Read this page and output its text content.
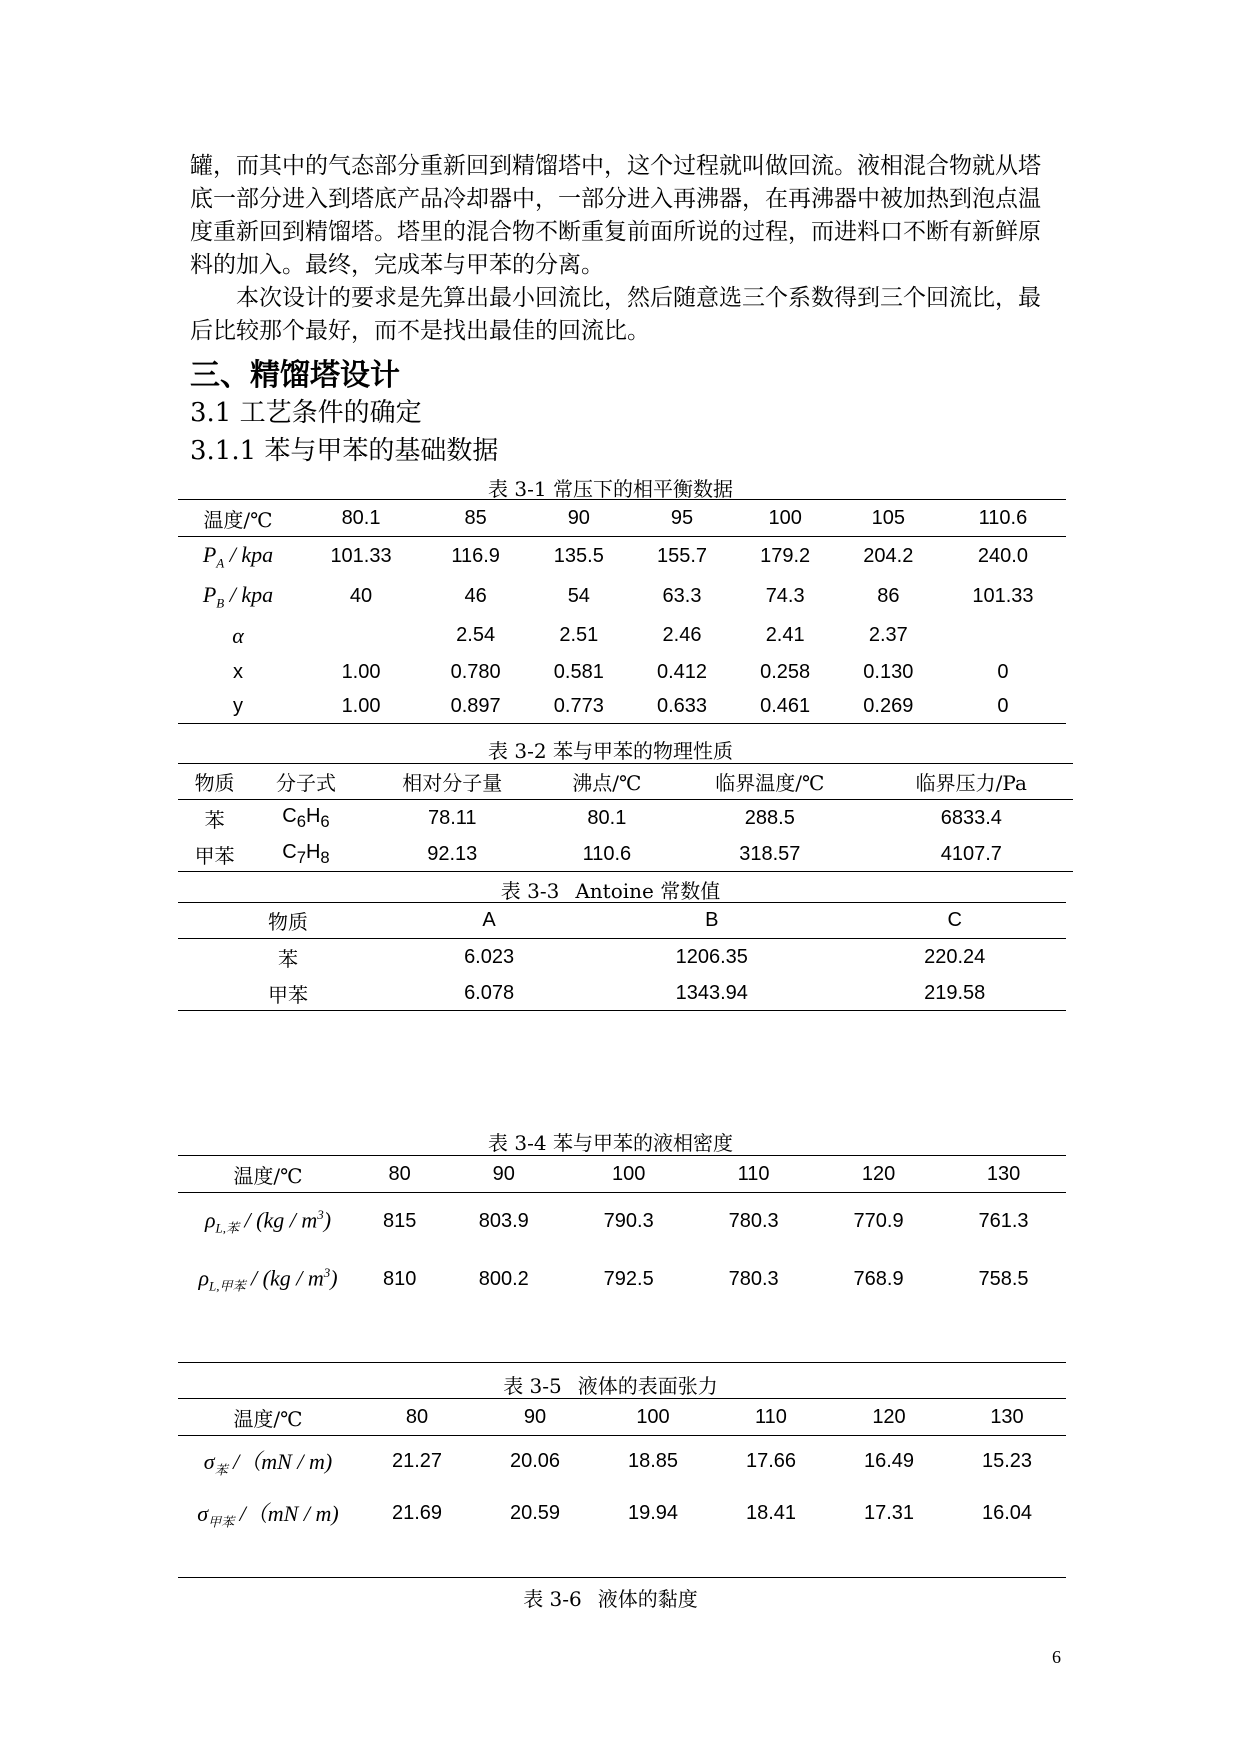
罐，而其中的气态部分重新回到精馏塔中，这个过程就叫做回流。液相混合物就从塔底一部分进入到塔底产品冷却器中，一部分进入再沸器，在再沸器中被加热到泡点温度重新回到精馏塔。塔里的混合物不断重复前面所说的过程，而进料口不断有新鲜原料的加入。最终，完成苯与甲苯的分离。

本次设计的要求是先算出最小回流比，然后随意选三个系数得到三个回流比，最后比较那个最好，而不是找出最佳的回流比。

三、精馏塔设计
3.1 工艺条件的确定
3.1.1 苯与甲苯的基础数据
表 3-1 常压下的相平衡数据
温度/℃	80.1	85	90	95	100	105	110.6
$P_A$ / kpa	101.33	116.9	135.5	155.7	179.2	204.2	240.0
$P_B$ / kpa	40	46	54	63.3	74.3	86	101.33
α		2.54	2.51	2.46	2.41	2.37	
x	1.00	0.780	0.581	0.412	0.258	0.130	0
y	1.00	0.897	0.773	0.633	0.461	0.269	0
表 3-2 苯与甲苯的物理性质
物质	分子式	相对分子量	沸点/℃	临界温度/℃	临界压力/Pa
苯	$C_6H_6$	78.11	80.1	288.5	6833.4
甲苯	$C_7H_8$	92.13	110.6	318.57	4107.7
表 3-3 Antoine 常数值
物质	A	B	C
苯	6.023	1206.35	220.24
甲苯	6.078	1343.94	219.58
表 3-4 苯与甲苯的液相密度
温度/℃	80	90	100	110	120	130
$\rho_{L,苯} / (kg / m^3)$	815	803.9	790.3	780.3	770.9	761.3
$\rho_{L,甲苯} / (kg / m^3)$	810	800.2	792.5	780.3	768.9	758.5

表 3-5 液体的表面张力
温度/℃	80	90	100	110	120	130
$\sigma_苯$ /（mN / m)	21.27	20.06	18.85	17.66	16.49	15.23
$\sigma_{甲苯}$ /（mN / m)	21.69	20.59	19.94	18.41	17.31	16.04

表 3-6 液体的黏度
6
